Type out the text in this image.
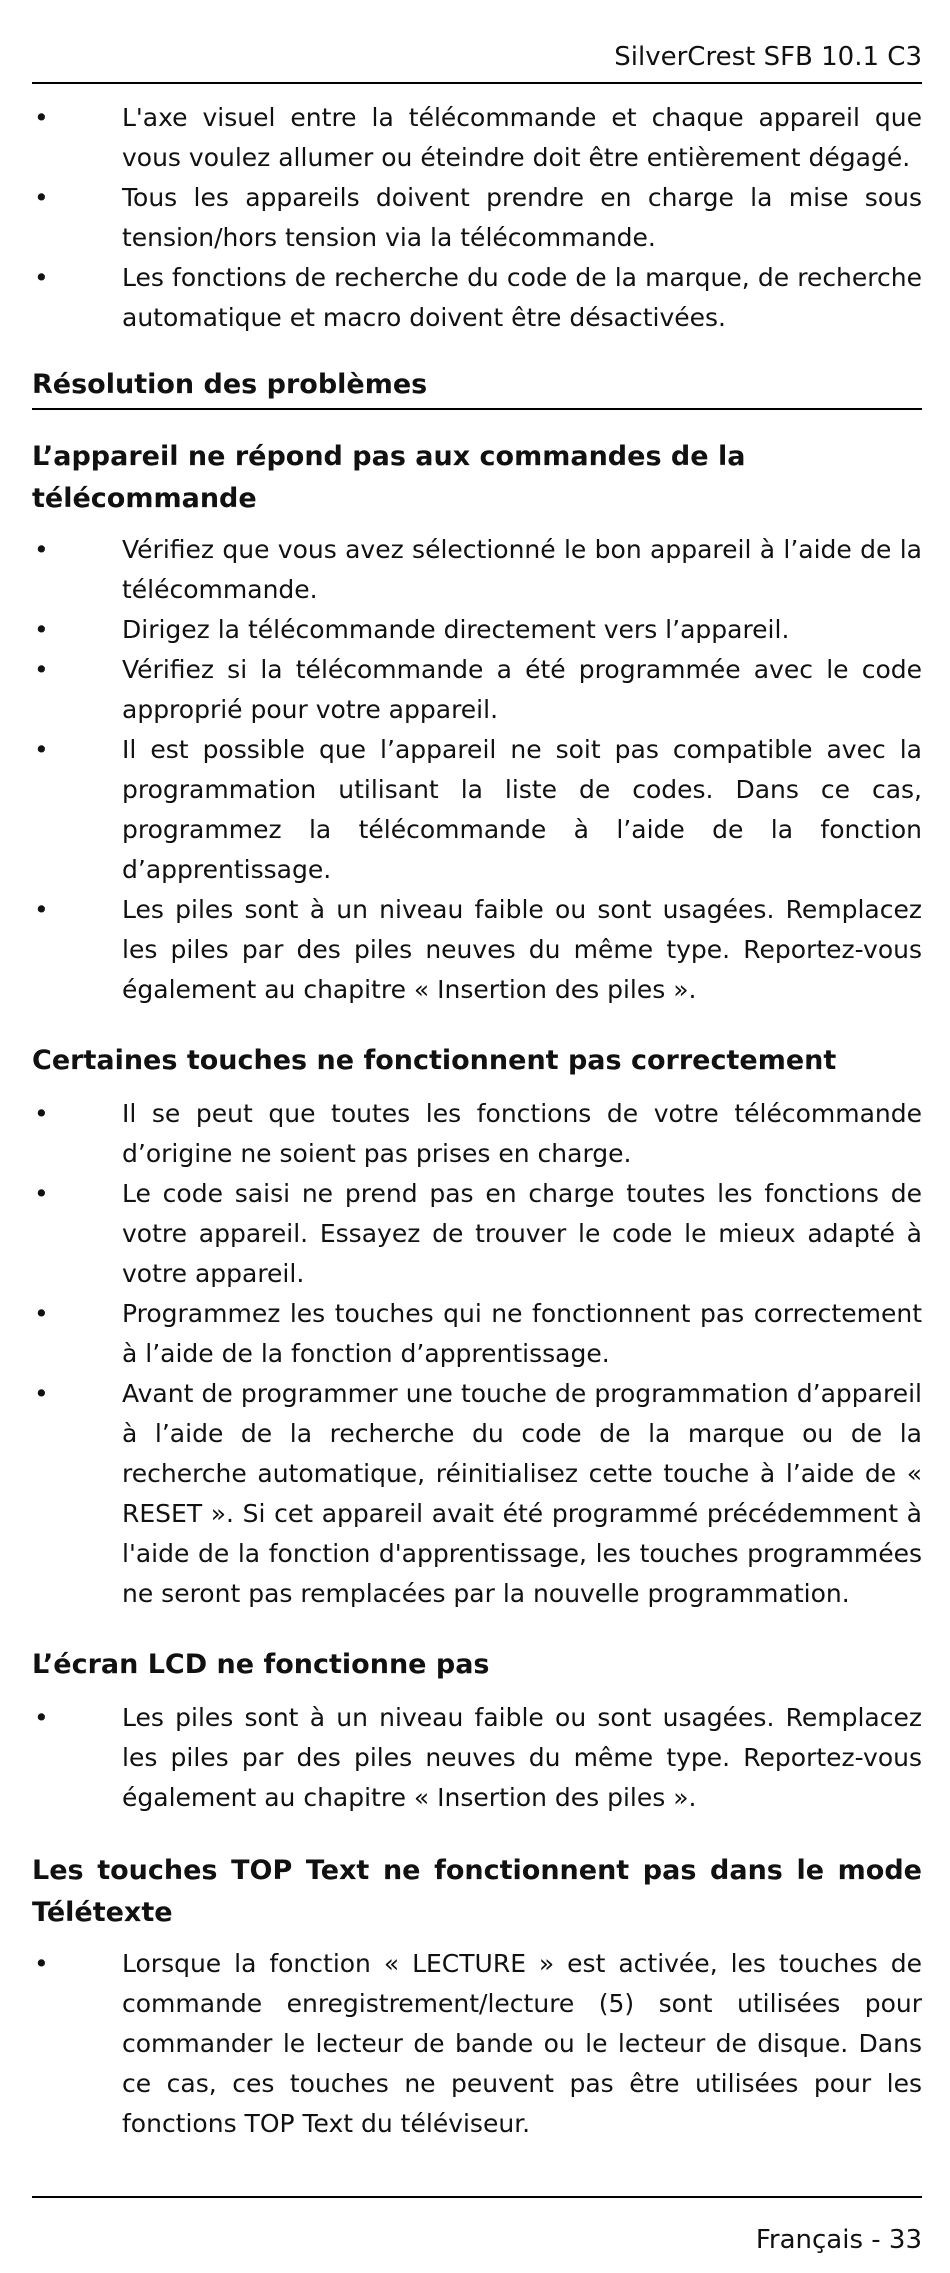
SilverCrest SFB 10.1 C3
•	L'axe visuel entre la télécommande et chaque appareil que vous voulez allumer ou éteindre doit être entièrement dégagé.
•	Tous les appareils doivent prendre en charge la mise sous tension/hors tension via la télécommande.
•	Les fonctions de recherche du code de la marque, de recherche automatique et macro doivent être désactivées.
Résolution des problèmes
L’appareil ne répond pas aux commandes de la télécommande
•	Vérifiez que vous avez sélectionné le bon appareil à l’aide de la télécommande.
•	Dirigez la télécommande directement vers l’appareil.
•	Vérifiez si la télécommande a été programmée avec le code approprié pour votre appareil.
•	Il est possible que l’appareil ne soit pas compatible avec la programmation utilisant la liste de codes. Dans ce cas, programmez la télécommande à l’aide de la fonction d’apprentissage.
•	Les piles sont à un niveau faible ou sont usagées. Remplacez les piles par des piles neuves du même type. Reportez-vous également au chapitre « Insertion des piles ».
Certaines touches ne fonctionnent pas correctement
•	Il se peut que toutes les fonctions de votre télécommande d’origine ne soient pas prises en charge.
•	Le code saisi ne prend pas en charge toutes les fonctions de votre appareil. Essayez de trouver le code le mieux adapté à votre appareil.
•	Programmez les touches qui ne fonctionnent pas correctement à l’aide de la fonction d’apprentissage.
•	Avant de programmer une touche de programmation d’appareil à l’aide de la recherche du code de la marque ou de la recherche automatique, réinitialisez cette touche à l’aide de « RESET ». Si cet appareil avait été programmé précédemment à l'aide de la fonction d'apprentissage, les touches programmées ne seront pas remplacées par la nouvelle programmation.
L’écran LCD ne fonctionne pas
•	Les piles sont à un niveau faible ou sont usagées. Remplacez les piles par des piles neuves du même type. Reportez-vous également au chapitre « Insertion des piles ».
Les touches TOP Text ne fonctionnent pas dans le mode Télétexte
•	Lorsque la fonction « LECTURE » est activée, les touches de commande enregistrement/lecture (5) sont utilisées pour commander le lecteur de bande ou le lecteur de disque. Dans ce cas, ces touches ne peuvent pas être utilisées pour les fonctions TOP Text du téléviseur.
Français - 33
